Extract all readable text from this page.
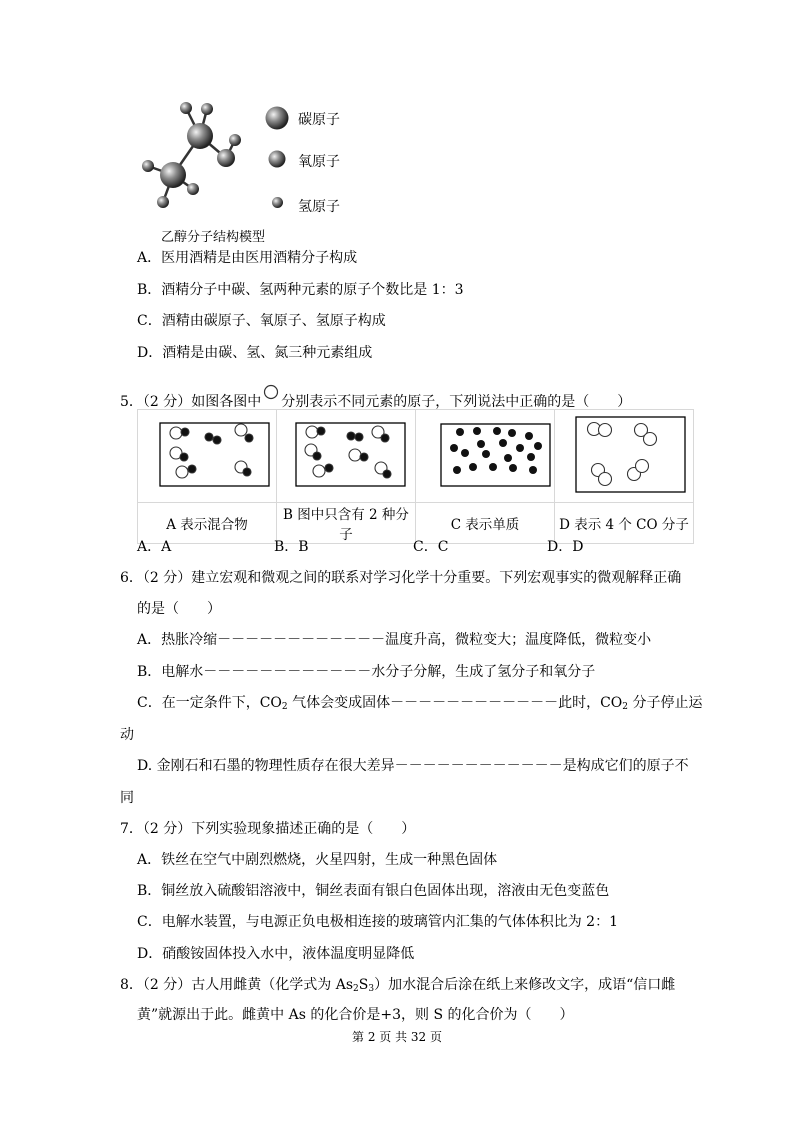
碳原子
氧原子
氢原子
乙醇分子结构模型
A．医用酒精是由医用酒精分子构成
B．酒精分子中碳、氢两种元素的原子个数比是 1：3
C．酒精由碳原子、氧原子、氢原子构成
D．酒精是由碳、氢、氮三种元素组成
5．（2 分）如图各图中 分别表示不同元素的原子，下列说法中正确的是（　　）

A 表示混合物	B 图中只含有 2 种分子	C 表示单质	D 表示 4 个 CO 分子
A．A	B．B	C．C	D．D
6．（2 分）建立宏观和微观之间的联系对学习化学十分重要。下列宏观事实的微观解释正确
的是（　　）
A．热胀冷缩－－－－－－－－－－－－温度升高，微粒变大；温度降低，微粒变小
B．电解水－－－－－－－－－－－－水分子分解，生成了氢分子和氧分子
C．在一定条件下，$CO_2$ 气体会变成固体－－－－－－－－－－－－此时，$CO_2$ 分子停止运
动
D. 金刚石和石墨的物理性质存在很大差异－－－－－－－－－－－－是构成它们的原子不
同
7．（2 分）下列实验现象描述正确的是（　　）
A．铁丝在空气中剧烈燃烧，火星四射，生成一种黑色固体
B．铜丝放入硫酸铝溶液中，铜丝表面有银白色固体出现，溶液由无色变蓝色
C．电解水装置，与电源正负电极相连接的玻璃管内汇集的气体体积比为 2：1
D．硝酸铵固体投入水中，液体温度明显降低
8．（2 分）古人用雌黄（化学式为 $As_2S_3$）加水混合后涂在纸上来修改文字，成语“信口雌
黄”就源出于此。雌黄中 As 的化合价是+3，则 S 的化合价为（　　）
第 2 页 共 32 页
